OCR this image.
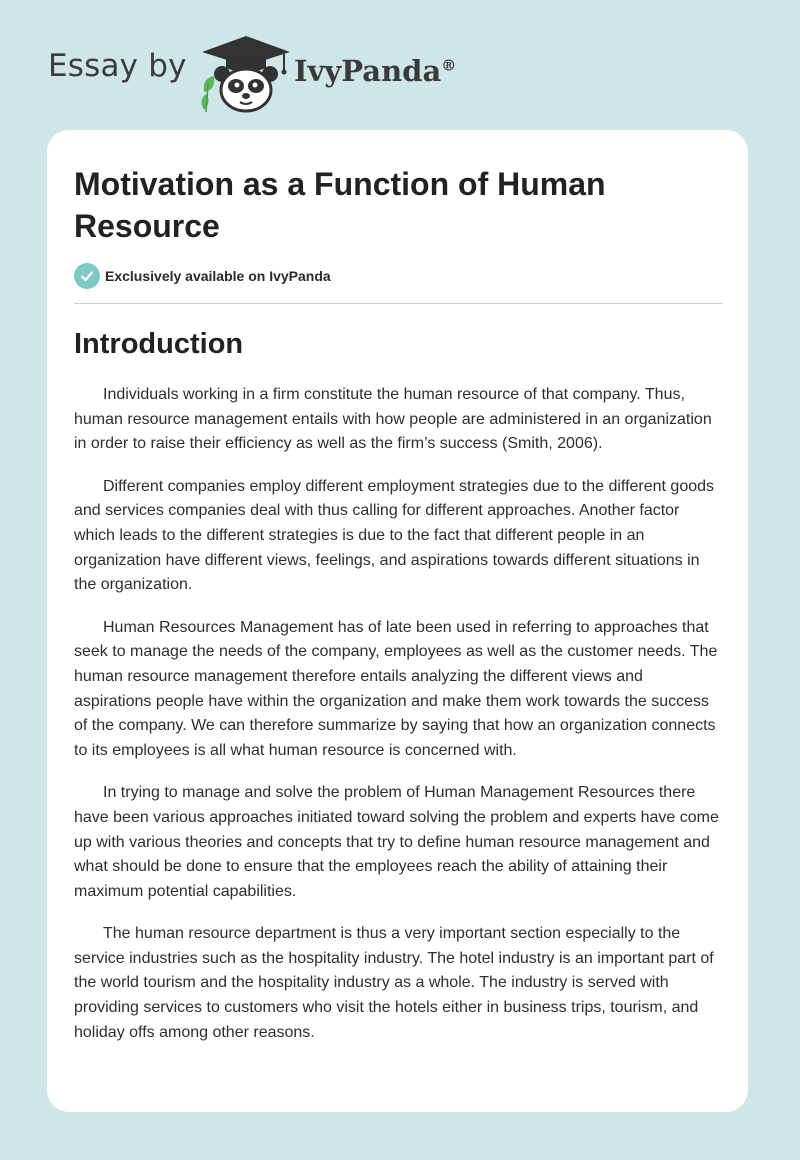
Essay by	IvyPanda®
Motivation as a Function of Human Resource
Exclusively available on IvyPanda
Introduction

Individuals working in a firm constitute the human resource of that company. Thus, human resource management entails with how people are administered in an organization in order to raise their efficiency as well as the firm’s success (Smith, 2006).

Different companies employ different employment strategies due to the different goods and services companies deal with thus calling for different approaches. Another factor which leads to the different strategies is due to the fact that different people in an organization have different views, feelings, and aspirations towards different situations in the organization.

Human Resources Management has of late been used in referring to approaches that seek to manage the needs of the company, employees as well as the customer needs. The human resource management therefore entails analyzing the different views and aspirations people have within the organization and make them work towards the success of the company. We can therefore summarize by saying that how an organization connects to its employees is all what human resource is concerned with.

In trying to manage and solve the problem of Human Management Resources there have been various approaches initiated toward solving the problem and experts have come up with various theories and concepts that try to define human resource management and what should be done to ensure that the employees reach the ability of attaining their maximum potential capabilities.

The human resource department is thus a very important section especially to the service industries such as the hospitality industry. The hotel industry is an important part of the world tourism and the hospitality industry as a whole. The industry is served with providing services to customers who visit the hotels either in business trips, tourism, and holiday offs among other reasons.
